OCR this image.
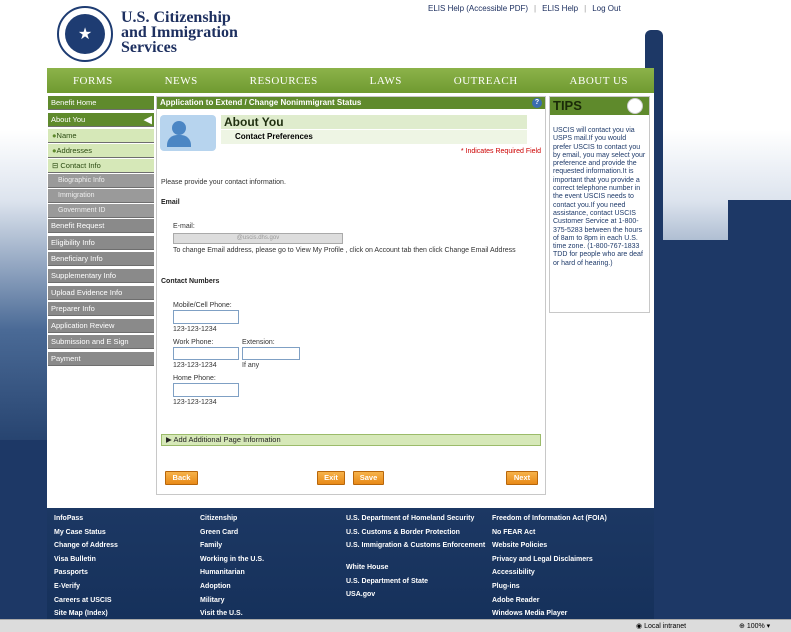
★
U.S. Citizenship
and Immigration
Services
ELIS Help (Accessible PDF) | ELIS Help | Log Out
FORMS	NEWS	RESOURCES	LAWS	OUTREACH	ABOUT US
Benefit Home
About You	◀
●Name
●Addresses
⊟ Contact Info
Biographic Info
Immigration
Government ID
Benefit Request
Eligibility Info
Beneficiary Info
Supplementary Info
Upload Evidence Info
Preparer Info
Application Review
Submission and E Sign
Payment
Application to Extend / Change Nonimmigrant Status	?
About You
Contact Preferences
* Indicates Required Field
Please provide your contact information.
Email
E-mail:
@uscis.dhs.gov
To change Email address, please go to View My Profile , click on Account tab then click Change Email Address
Contact Numbers
Mobile/Cell Phone:
123-123-1234
Work Phone:
123-123-1234
Extension:
If any
Home Phone:
123-123-1234
▶ Add Additional Page Information
Back	Exit	Save	Next
TIPS
USCIS will contact you via USPS mail.If you would prefer USCIS to contact you by email, you may select your preference and provide the requested information.It is important that you provide a correct telephone number in the event USCIS needs to contact you.If you need assistance, contact USCIS Customer Service at 1-800-375-5283 between the hours of 8am to 8pm in each U.S. time zone. (1-800-767-1833 TDD for people who are deaf or hard of hearing.)
InfoPass
My Case Status
Change of Address
Visa Bulletin
Passports
E-Verify
Careers at USCIS
Site Map (Index)
Citizenship
Green Card
Family
Working in the U.S.
Humanitarian
Adoption
Military
Visit the U.S.
U.S. Department of Homeland Security
U.S. Customs & Border Protection
U.S. Immigration & Customs Enforcement
White House
U.S. Department of State
USA.gov
Freedom of Information Act (FOIA)
No FEAR Act
Website Policies
Privacy and Legal Disclaimers
Accessibility
Plug-ins
Adobe Reader
Windows Media Player
◉ Local intranet	⊕ 100% ▾
